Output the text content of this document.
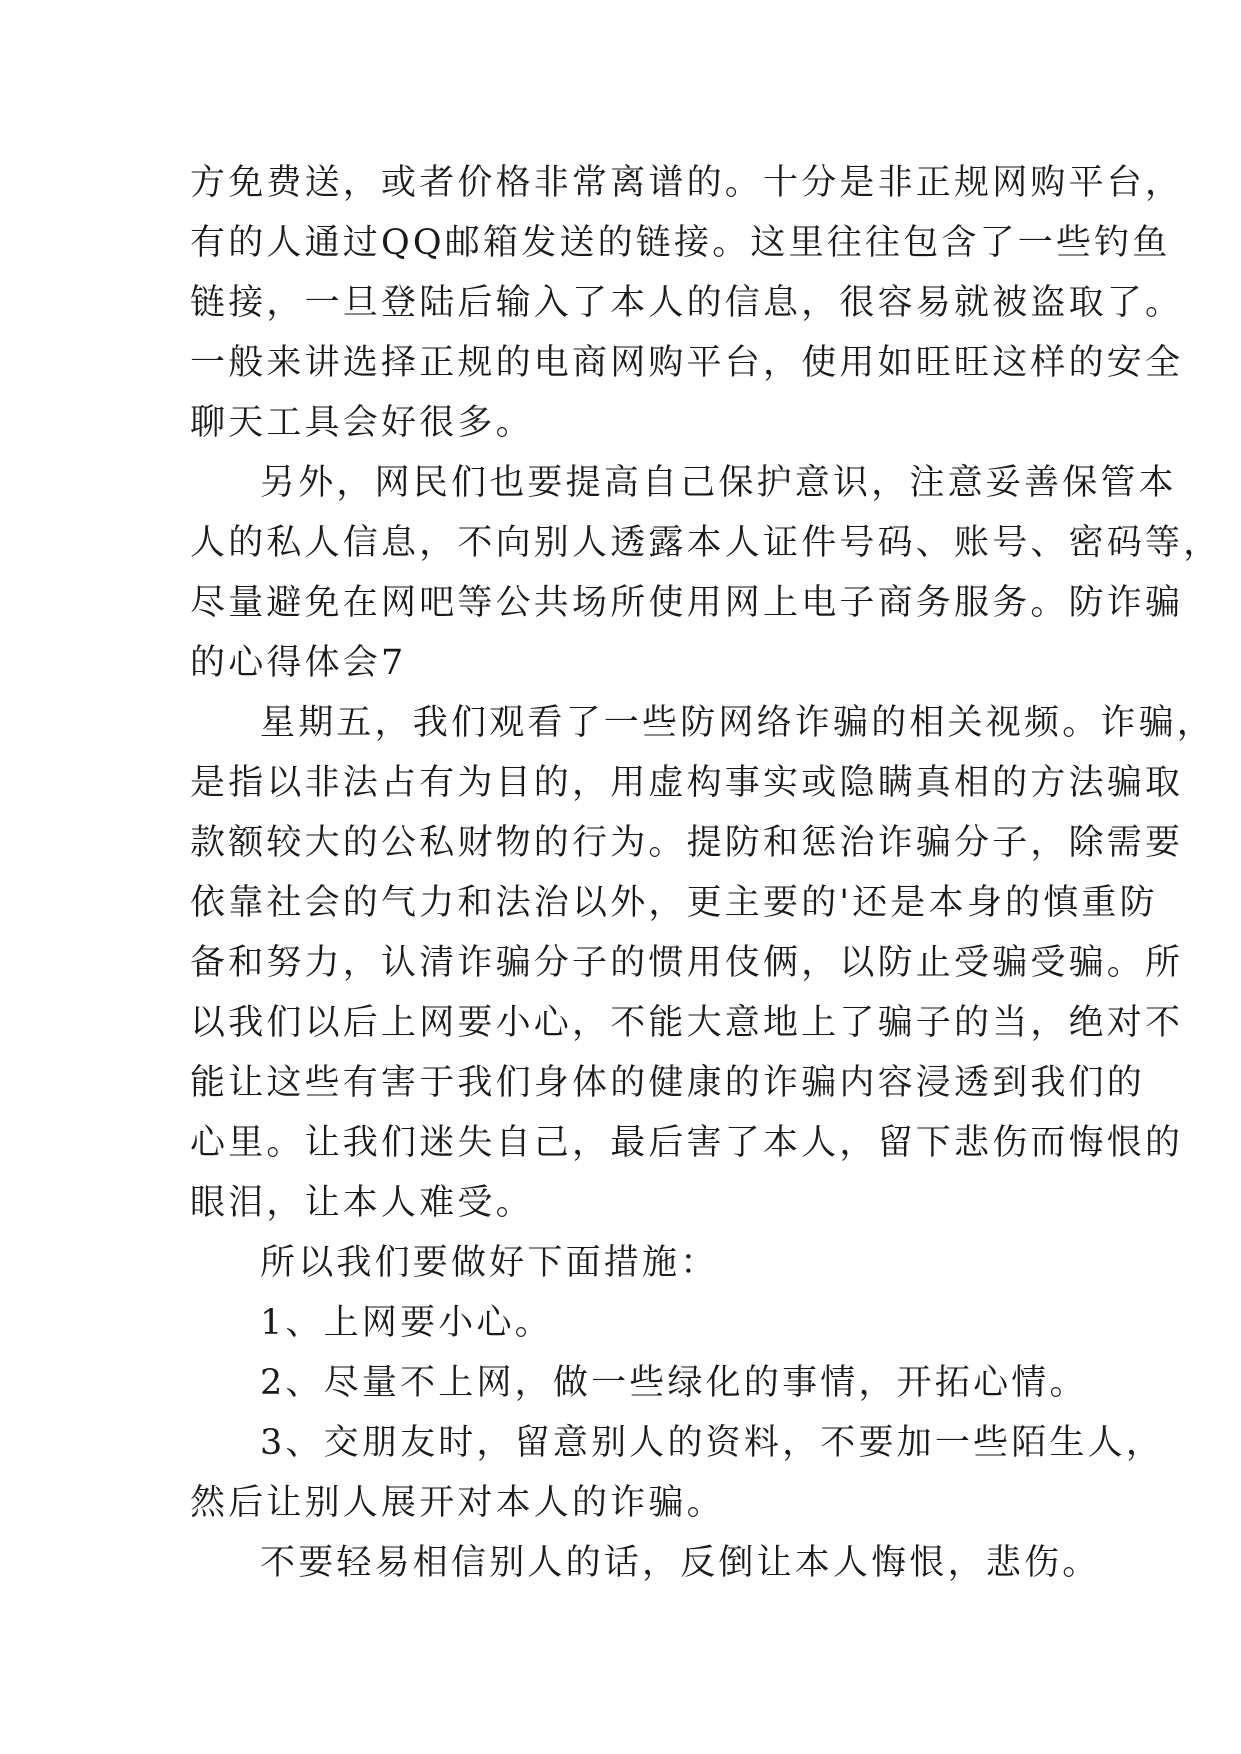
方免费送，或者价格非常离谱的。十分是非正规网购平台，
有的人通过QQ邮箱发送的链接。这里往往包含了一些钓鱼
链接，一旦登陆后输入了本人的信息，很容易就被盗取了。
一般来讲选择正规的电商网购平台，使用如旺旺这样的安全
聊天工具会好很多。
另外，网民们也要提高自己保护意识，注意妥善保管本
人的私人信息，不向别人透露本人证件号码、账号、密码等，
尽量避免在网吧等公共场所使用网上电子商务服务。防诈骗
的心得体会7
星期五，我们观看了一些防网络诈骗的相关视频。诈骗，
是指以非法占有为目的，用虚构事实或隐瞒真相的方法骗取
款额较大的公私财物的行为。提防和惩治诈骗分子，除需要
依靠社会的气力和法治以外，更主要的'还是本身的慎重防
备和努力，认清诈骗分子的惯用伎俩，以防止受骗受骗。所
以我们以后上网要小心，不能大意地上了骗子的当，绝对不
能让这些有害于我们身体的健康的诈骗内容浸透到我们的
心里。让我们迷失自己，最后害了本人，留下悲伤而悔恨的
眼泪，让本人难受。
所以我们要做好下面措施：
1、上网要小心。
2、尽量不上网，做一些绿化的事情，开拓心情。
3、交朋友时，留意别人的资料，不要加一些陌生人，
然后让别人展开对本人的诈骗。
不要轻易相信别人的话，反倒让本人悔恨，悲伤。
